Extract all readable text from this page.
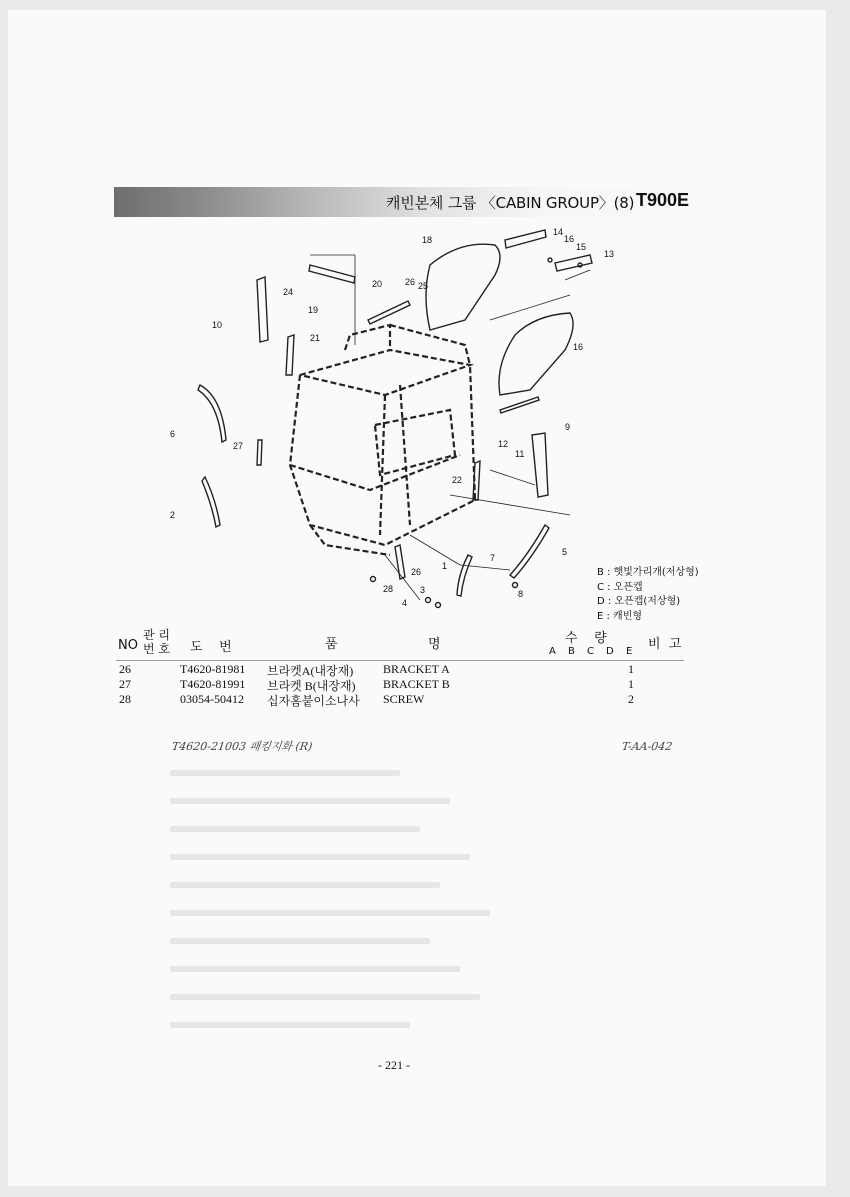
캐빈본체 그룹 〈CABIN GROUP〉(8) T900E
10
24
19
20	26 25
18
14
16
15
13
16
21
9
12
11
22
6
27
2
26
1
7
5
8
28	3
4
B : 햇빛가리개(저상형)
C : 오픈캡
D : 오픈캡(저상형)
E : 캐빈형
NO
관 리
번 호 도    번	품	명	수    량	비  고
A B C D E
26	T4620-81981 브라켓A(내장재) BRACKET A	1
27	T4620-81991 브라켓 B(내장재) BRACKET B	1
28	03054-50412 십자홈붙이소나사 SCREW	2
T4620-21003 패킹지화 (R)	T-AA-042
- 221 -
